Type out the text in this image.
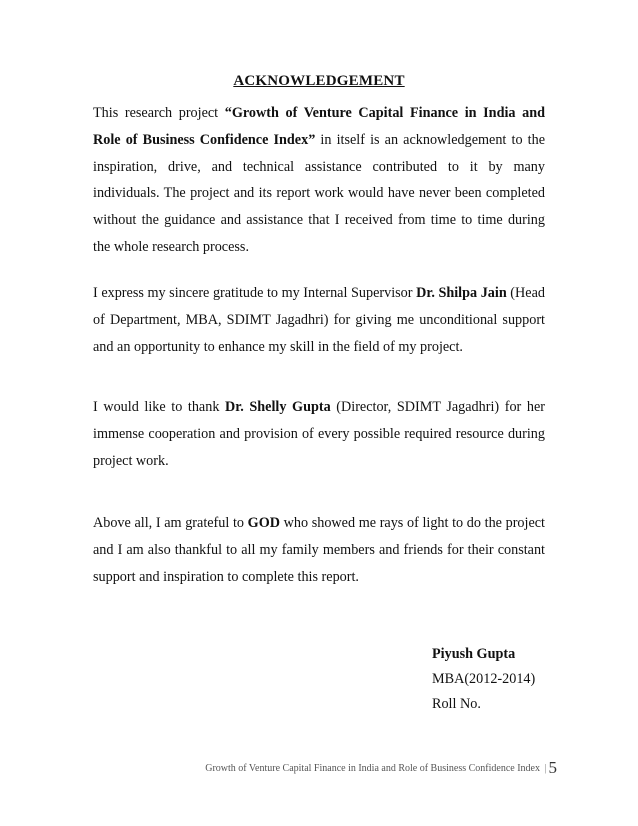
ACKNOWLEDGEMENT

This research project “Growth of Venture Capital Finance in India and Role of Business Confidence Index” in itself is an acknowledgement to the inspiration, drive, and technical assistance contributed to it by many individuals. The project and its report work would have never been completed without the guidance and assistance that I received from time to time during the whole research process.

I express my sincere gratitude to my Internal Supervisor Dr. Shilpa Jain (Head of Department, MBA, SDIMT Jagadhri) for giving me unconditional support and an opportunity to enhance my skill in the field of my project.

I would like to thank Dr. Shelly Gupta (Director, SDIMT Jagadhri) for her immense cooperation and provision of every possible required resource during project work.

Above all, I am grateful to GOD who showed me rays of light to do the project and I am also thankful to all my family members and friends for their constant support and inspiration to complete this report.

Piyush Gupta
MBA(2012-2014)
Roll No.
Growth of Venture Capital Finance in India and Role of Business Confidence Index | 5
